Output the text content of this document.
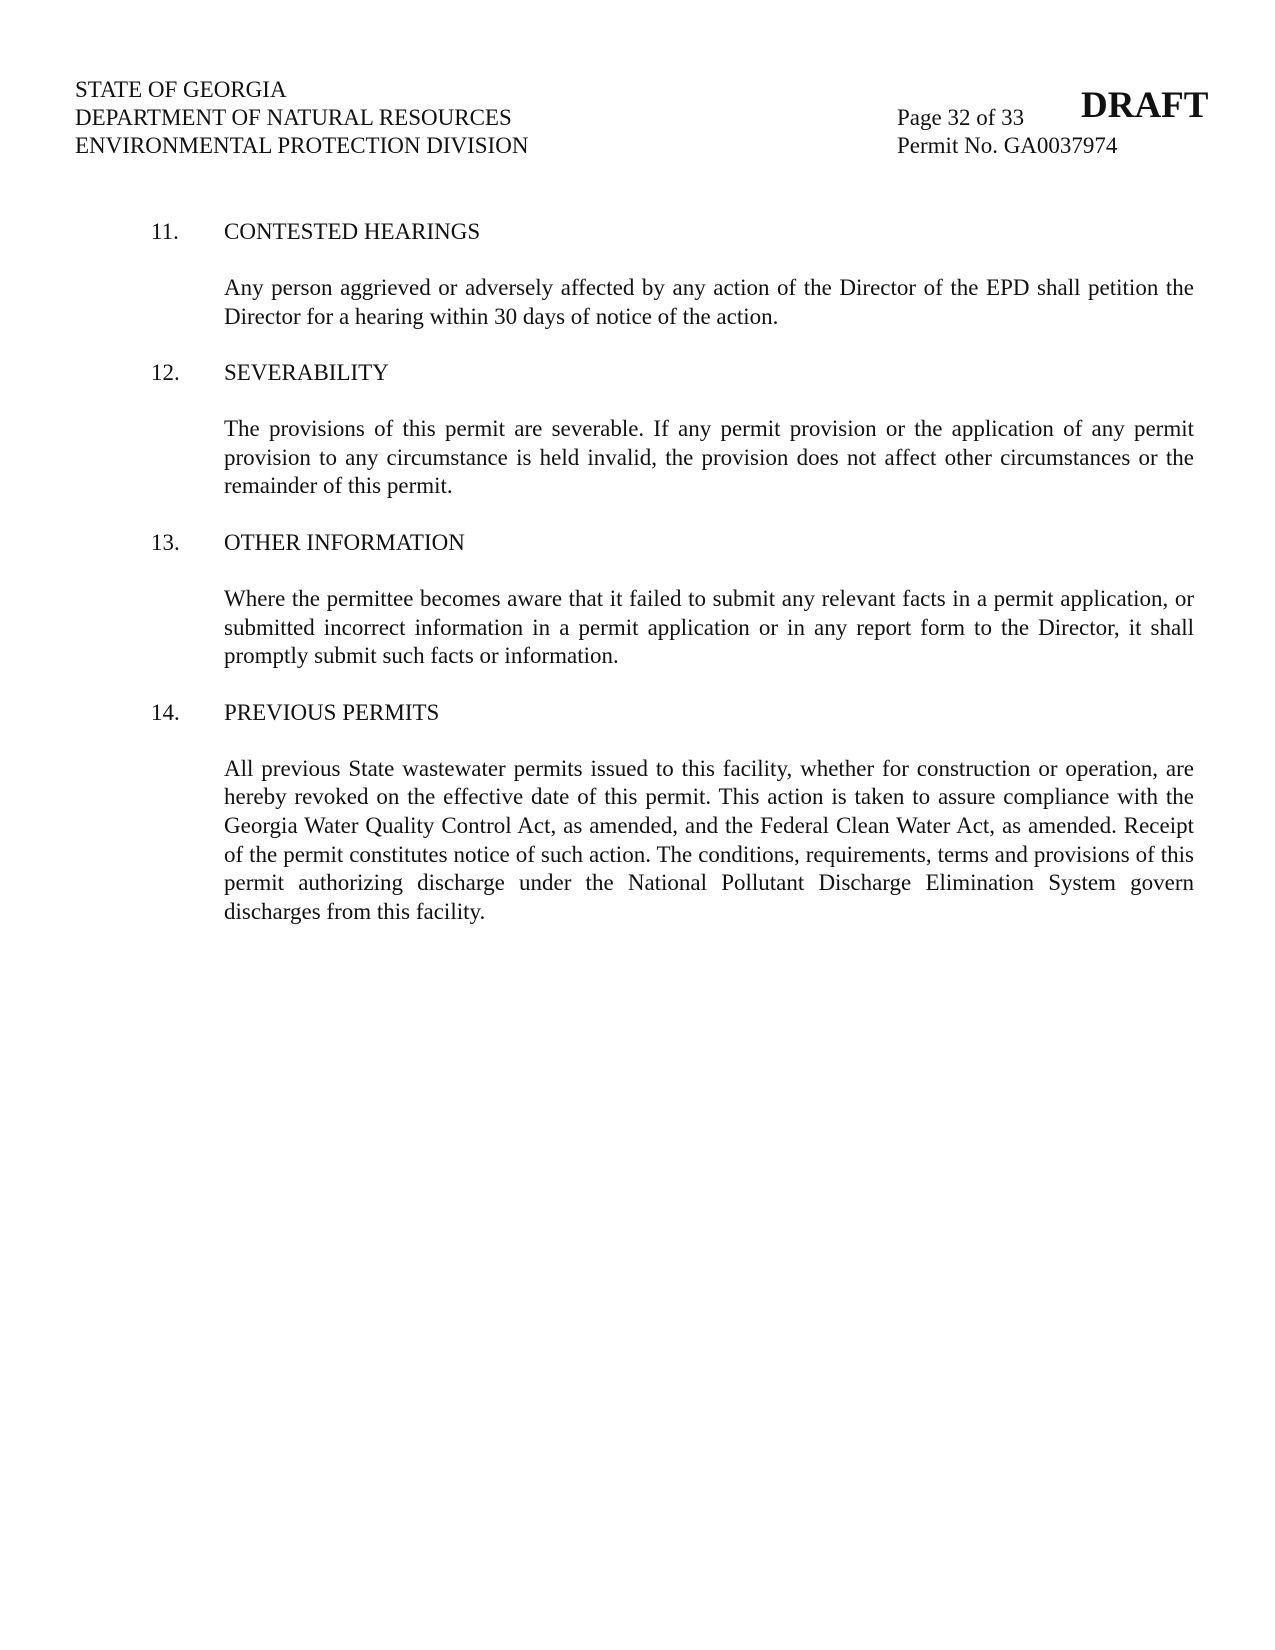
STATE OF GEORGIA
DEPARTMENT OF NATURAL RESOURCES
ENVIRONMENTAL PROTECTION DIVISION
Page 32 of 33
Permit No. GA0037974
DRAFT
11. CONTESTED HEARINGS
Any person aggrieved or adversely affected by any action of the Director of the EPD shall petition the Director for a hearing within 30 days of notice of the action.
12. SEVERABILITY
The provisions of this permit are severable. If any permit provision or the application of any permit provision to any circumstance is held invalid, the provision does not affect other circumstances or the remainder of this permit.
13. OTHER INFORMATION
Where the permittee becomes aware that it failed to submit any relevant facts in a permit application, or submitted incorrect information in a permit application or in any report form to the Director, it shall promptly submit such facts or information.
14. PREVIOUS PERMITS
All previous State wastewater permits issued to this facility, whether for construction or operation, are hereby revoked on the effective date of this permit. This action is taken to assure compliance with the Georgia Water Quality Control Act, as amended, and the Federal Clean Water Act, as amended. Receipt of the permit constitutes notice of such action. The conditions, requirements, terms and provisions of this permit authorizing discharge under the National Pollutant Discharge Elimination System govern discharges from this facility.
